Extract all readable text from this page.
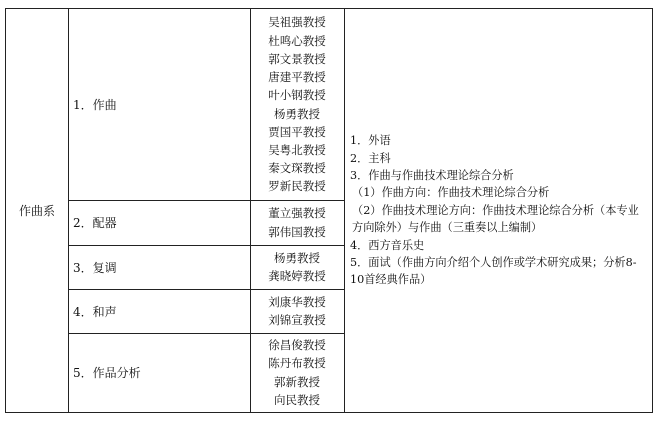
作曲系
1．作曲
吴祖强教授
杜鸣心教授
郭文景教授
唐建平教授
叶小钢教授
杨勇教授
贾国平教授
吴粤北教授
秦文琛教授
罗新民教授
2．配器
董立强教授
郭伟国教授
3．复调
杨勇教授
龚晓婷教授
4．和声
刘康华教授
刘锦宣教授
5．作品分析
徐昌俊教授
陈丹布教授
郭新教授
向民教授
1．外语
2．主科
3．作曲与作曲技术理论综合分析
（1）作曲方向：作曲技术理论综合分析
（2）作曲技术理论方向：作曲技术理论综合分析（本专业方向除外）与作曲（三重奏以上编制）
4．西方音乐史
5．面试（作曲方向介绍个人创作或学术研究成果；分析8-10首经典作品）
